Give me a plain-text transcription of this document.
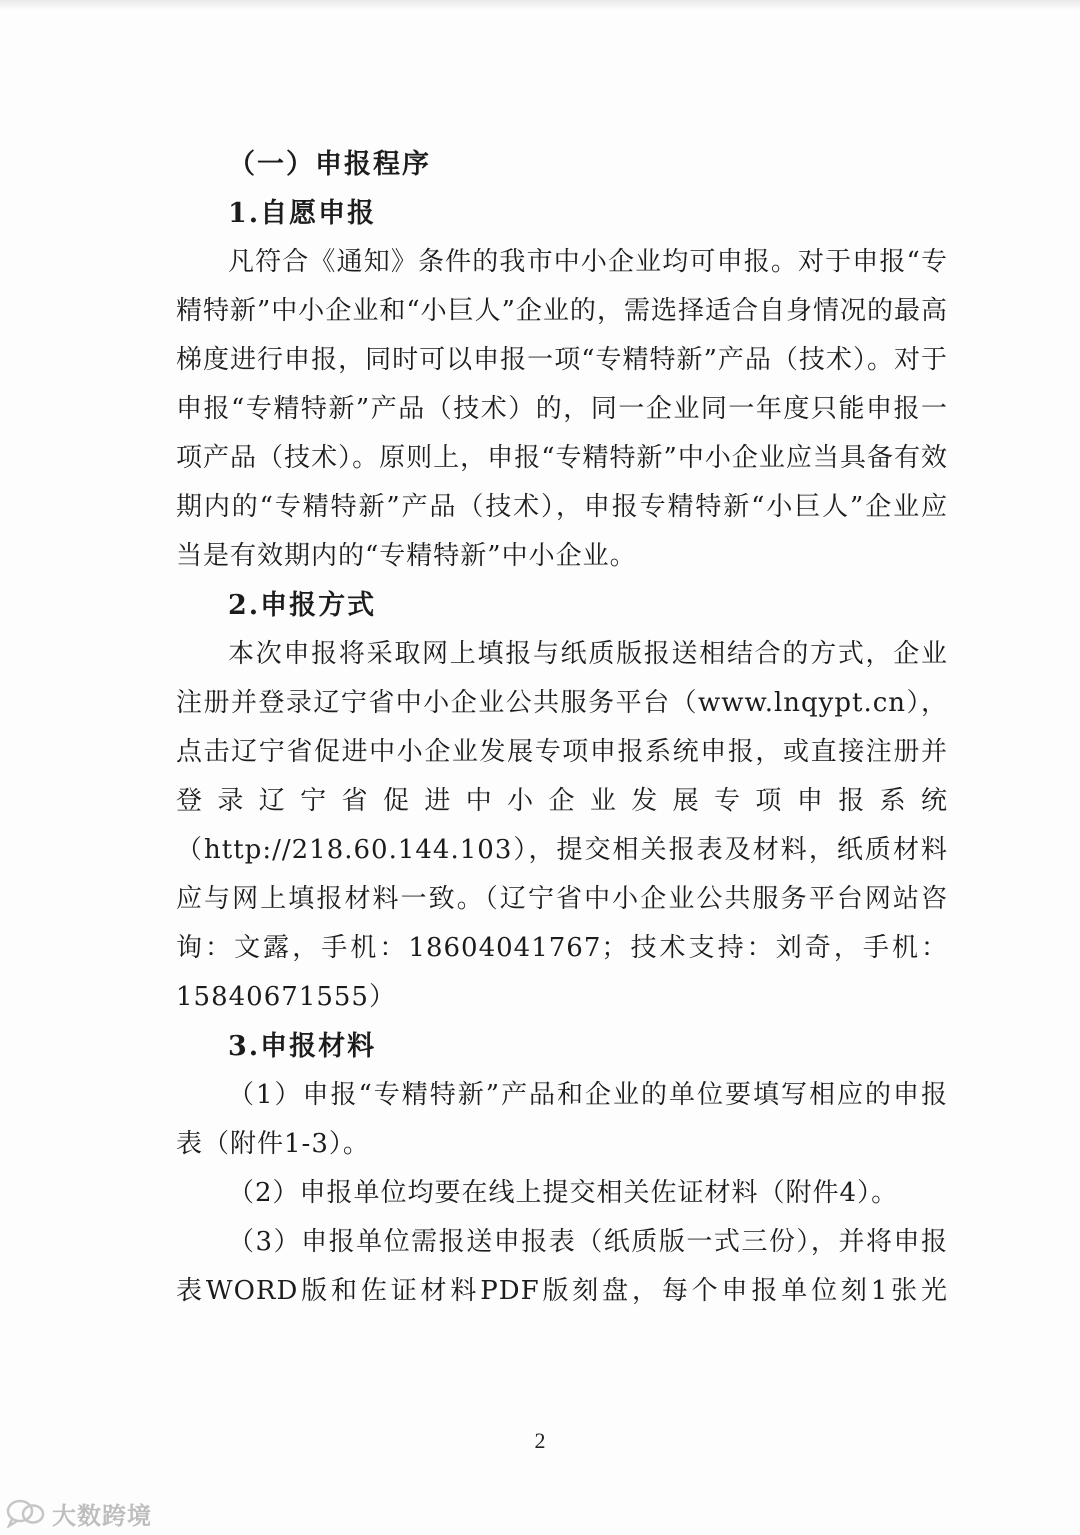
（一）申报程序
1.自愿申报

凡符合《通知》条件的我市中小企业均可申报。对于申报“专精特新”中小企业和“小巨人”企业的，需选择适合自身情况的最高梯度进行申报，同时可以申报一项“专精特新”产品（技术）。对于申报“专精特新”产品（技术）的，同一企业同一年度只能申报一项产品（技术）。原则上，申报“专精特新”中小企业应当具备有效期内的“专精特新”产品（技术），申报专精特新“小巨人”企业应当是有效期内的“专精特新”中小企业。

2.申报方式

本次申报将采取网上填报与纸质版报送相结合的方式，企业注册并登录辽宁省中小企业公共服务平台（www.lnqypt.cn），点击辽宁省促进中小企业发展专项申报系统申报，或直接注册并登录辽宁省促进中小企业发展专项申报系统（http://218.60.144.103），提交相关报表及材料，纸质材料应与网上填报材料一致。（辽宁省中小企业公共服务平台网站咨询：文露，手机：18604041767；技术支持：刘奇，手机：15840671555）

3.申报材料

（1）申报“专精特新”产品和企业的单位要填写相应的申报表（附件1-3）。

（2）申报单位均要在线上提交相关佐证材料（附件4）。

（3）申报单位需报送申报表（纸质版一式三份），并将申报表WORD版和佐证材料PDF版刻盘，每个申报单位刻1张光

2
大数跨境
